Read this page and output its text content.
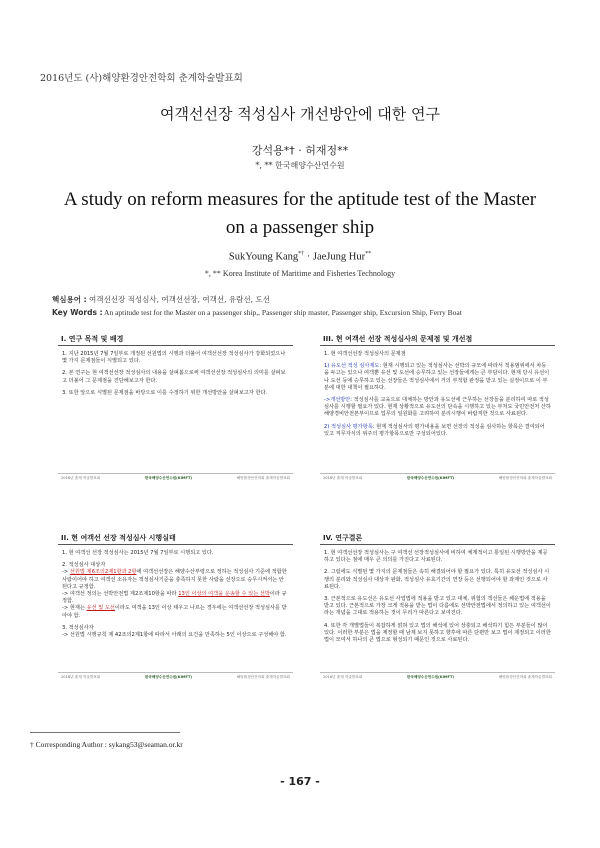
2016년도 (사)해양환경안전학회 춘계학술발표회
여객선선장 적성심사 개선방안에 대한 연구
강석용*† · 허재정**
*, ** 한국해양수산연수원
A study on reform measures for the aptitude test of the Master on a passenger ship
SukYoung Kang*† · JaeJung Hur**
*, ** Korea Institute of Maritime and Fisheries Technology
핵심용어 : 여객선선장 적성심사, 여객선선장, 여객선, 유람선, 도선
Key Words : An aptitude test for the Master on a passenger ship,, Passenger ship master, Passenger ship, Excursion Ship, Ferry Boat
I. 연구 목적 및 배경

1. 지난 2015년 7월 7일부로 개정된 선원법의 시행과 더불어 여객선선장 적성심사가 강화되었으나 몇 가지 문제점들이 식별되고 있다.

2. 본 연구는 현 여객선선장 적성심사의 내용을 살펴봄으로써 여객선선장 적성심사의 의미를 살펴보고 더불어 그 문제점을 진단해보고자 한다.

3. 또한 앞으로 식별된 문제점을 바탕으로 이를 수정하기 위한 개선방안을 살펴보고자 한다.

2016년 춘계 학술발표회	한국해양수산연수원(KIMFT)	해양환경안전학회 춘계학술발표회
III. 현 여객선 선장 적성심사의 문제점 및 개선점

1. 현 여객선선장 적성심사의 문제점

1) 유도선 적성 심사제도: 현재 시행되고 있는 적성심사는 선박의 규모에 따라서 적용범위에서 차등을 두고는 있으나 여객뿐 유선 및 도선에 승무하고 있는 선장들에게는 큰 부담이다. 현재 당시 유선이나 도선 등에 승무하고 있는 선장들은 적성심사에서 거의 부적합 판정을 받고 있는 실정이므로 이 부분에 대한 대책이 필요하다.

->개선방안: 적성심사를 교육으로 대체하는 방안과 유도선에 근무하는 선장들을 분리하여 따로 적성심사를 시행할 필요가 있다. 현재 상황적으로 유도선의 단속을 시행하고 있는 부처도 국민안전처 산하 해양경비안전본부이므로 업무의 일원화를 고려하여 분리시행이 바람직한 것으로 사료된다.

2) 적성심사 평가항목: 현재 적성심사의 평가내용을 보면 선장의 적성을 심사하는 항목은 결여되어 있고 직무자식의 위주의 평가항목으로만 구성되어있다.

2016년 춘계 학술발표회	한국해양수산연수원(KIMFT)	해양환경안전학회 춘계학술발표회
II. 현 여객선 선장 적성심사 시행실태

1. 현 여객선 선장 적성심사는 2015년 7월 7일부로 시행되고 있다.

2. 적성심사 대상자

-> 선원법 제6조의2제1항과 2항에 여객선선장은 해양수산부령으로 정하는 적성심사 기준에 적합한 사람이어야 하고 여객선 소유자는 적성심사기준을 충족하지 못한 사람을 선장으로 승무시켜서는 안 된다고 규정함.

-> 여객선 정의는 선박안전법 제2조제10항을 따라 13인 이상의 여객을 운송할 수 있는 선박이라 규정함.

-> 현재는 유선 및 도선이라도 여객을 13인 이상 태우고 나르는 경우에는 여객선선장 적성심사를 받아야 함.

3. 적성심사자

-> 선원법 시행규칙 제 42조의2제1항에 따라서 아래의 요건을 만족하는 5인 이상으로 구성해야 함.

2016년 춘계 학술발표회	한국해양수산연수원(KIMFT)	해양환경안전학회 춘계학술발표회
IV. 연구결론

1. 현 여객선선장 적성심사는 구 여객선 선장적성심사에 비하여 체계적이고 통일된 시행방안을 제공하고 있다는 점에 매우 큰 의의를 가진다고 사료된다.

2. 그럼에도 식별된 몇 가지의 문제점들은 속히 해결되어야 할 필요가 있다. 특히 유도선 적성심사 시행의 분리와 적성심사 대상자 완화, 적성심사 유효기간의 연장 등은 선행되어야 할 과제인 것으로 사료된다.

3. 근본적으로 유도선은 유도선 사업법에 적용을 받고 있고 대체, 위험의 객선들은 해운법에 적용을 받고 있다. 근본적으로 가장 크게 적용을 받는 법이 다름에도 선박안전법에서 정의하고 있는 여객선이라는 개념을 그대로 적용하는 것이 무리가 따른다고 보여진다.

4. 또한 각 개별법들이 복잡하게 얽혀 있고 법의 해석에 있어 상충되고 해석하기 힘든 부분들이 많이 있다. 이러한 부분은 법을 제정할 때 남제 보지 못하고 향후에 따른 단편만 보고 법이 제정되고 이러한 법이 모여서 하나의 큰 법으로 형성되기 때문인 것으로 사료된다.

2016년 춘계 학술발표회	한국해양수산연수원(KIMFT)	해양환경안전학회 춘계학술발표회
† Corresponding Author : sykang53@seaman.or.kr
- 167 -
